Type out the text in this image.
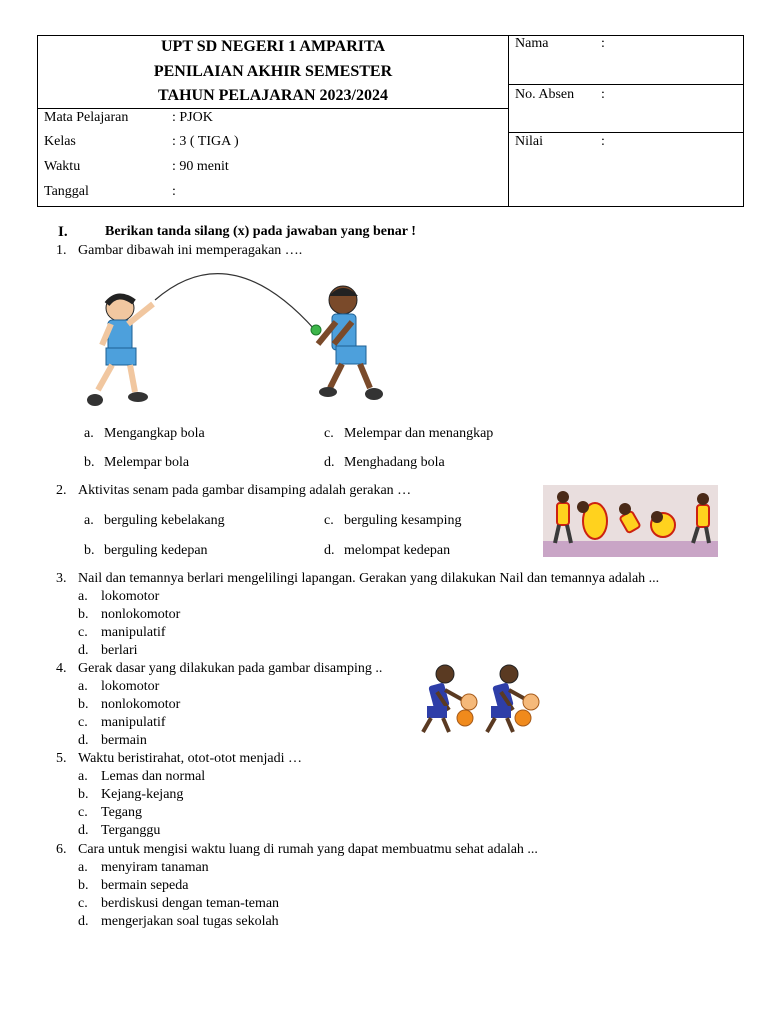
UPT SD NEGERI 1 AMPARITA
PENILAIAN AKHIR SEMESTER
TAHUN PELAJARAN 2023/2024
Mata Pelajaran	: PJOK
Kelas	: 3 ( TIGA )
Waktu	: 90 menit
Tanggal	:
Nama	:
No. Absen :
Nilai	:
I.	Berikan tanda silang (x) pada jawaban yang benar !
1. Gambar dibawah ini memperagakan ….
a. Mengangkap bola
b. Melempar bola
c. Melempar dan menangkap
d. Menghadang bola
2. Aktivitas senam pada gambar disamping adalah gerakan …
a. berguling kebelakang
b. berguling kedepan
c. berguling kesamping
d. melompat kedepan
3. Nail dan temannya berlari mengelilingi lapangan. Gerakan yang dilakukan Nail dan temannya adalah ...
a. lokomotor
b. nonlokomotor
c. manipulatif
d. berlari
4. Gerak dasar yang dilakukan pada gambar disamping ..
a. lokomotor
b. nonlokomotor
c. manipulatif
d. bermain
5. Waktu beristirahat, otot-otot menjadi …
a. Lemas dan normal
b. Kejang-kejang
c. Tegang
d. Terganggu
6. Cara untuk mengisi waktu luang di rumah yang dapat membuatmu sehat adalah ...
a. menyiram tanaman
b. bermain sepeda
c. berdiskusi dengan teman-teman
d. mengerjakan soal tugas sekolah
